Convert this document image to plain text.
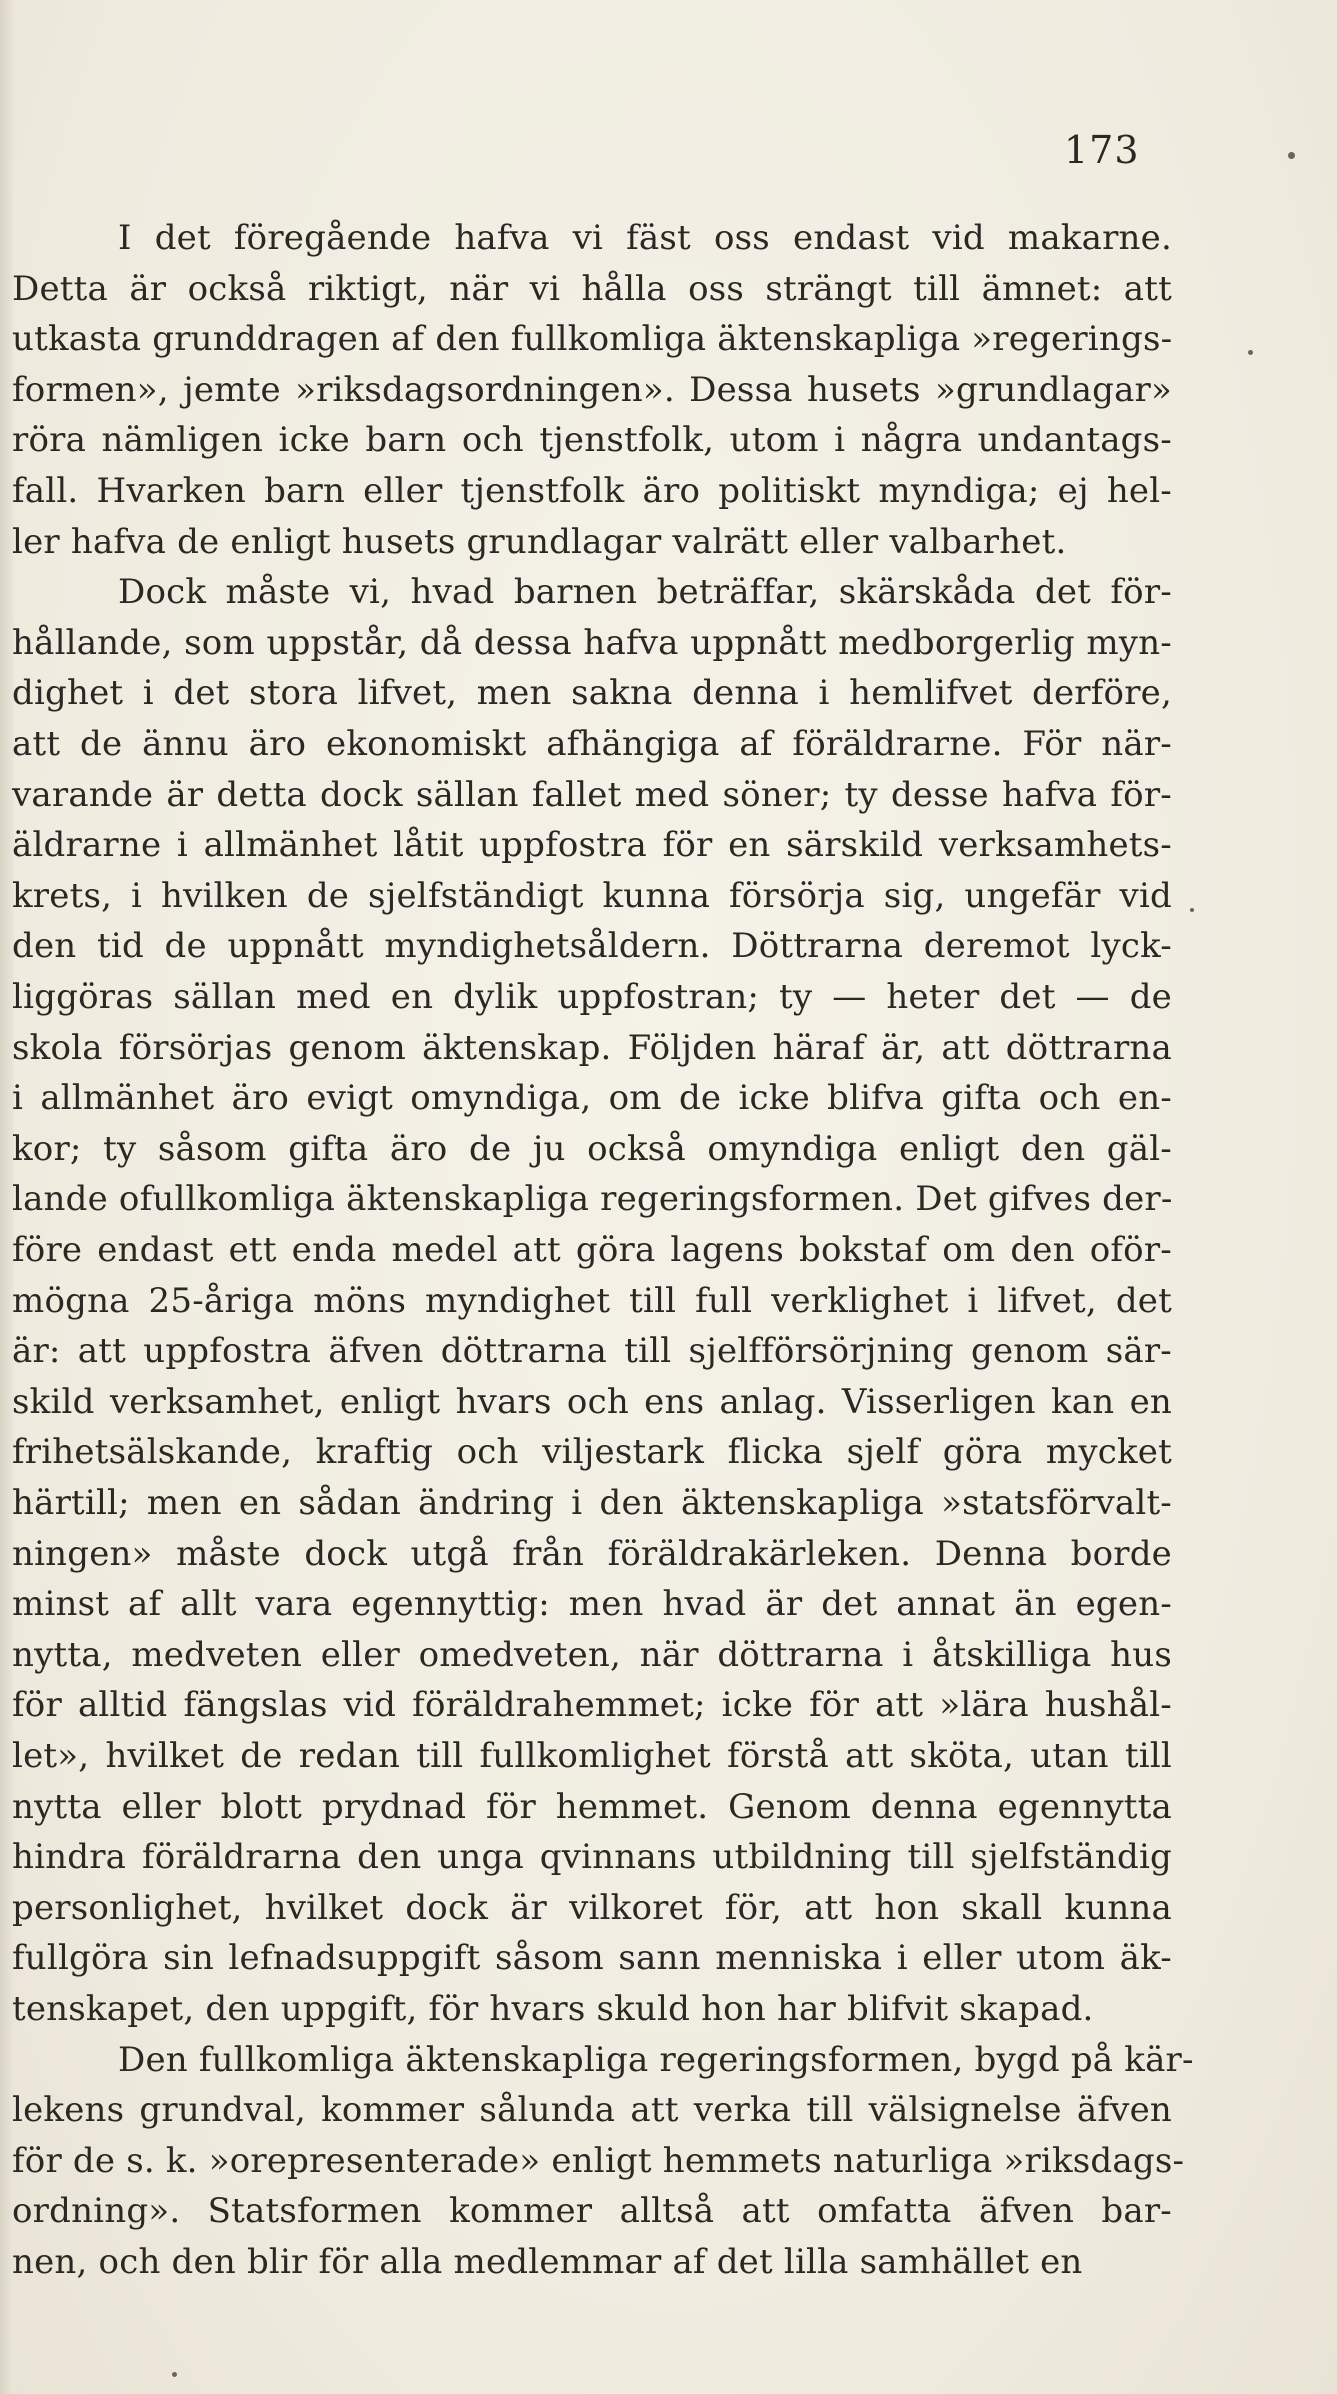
173
I det föregående hafva vi fäst oss endast vid makarne.
Detta är också riktigt, när vi hålla oss strängt till ämnet: att
utkasta grunddragen af den fullkomliga äktenskapliga »regerings-
formen», jemte »riksdagsordningen». Dessa husets »grundlagar»
röra nämligen icke barn och tjenstfolk, utom i några undantags-
fall. Hvarken barn eller tjenstfolk äro politiskt myndiga; ej hel-
ler hafva de enligt husets grundlagar valrätt eller valbarhet.
Dock måste vi, hvad barnen beträffar, skärskåda det för-
hållande, som uppstår, då dessa hafva uppnått medborgerlig myn-
dighet i det stora lifvet, men sakna denna i hemlifvet derföre,
att de ännu äro ekonomiskt afhängiga af föräldrarne. För när-
varande är detta dock sällan fallet med söner; ty desse hafva för-
äldrarne i allmänhet låtit uppfostra för en särskild verksamhets-
krets, i hvilken de sjelfständigt kunna försörja sig, ungefär vid
den tid de uppnått myndighetsåldern. Döttrarna deremot lyck-
liggöras sällan med en dylik uppfostran; ty — heter det — de
skola försörjas genom äktenskap. Följden häraf är, att döttrarna
i allmänhet äro evigt omyndiga, om de icke blifva gifta och en-
kor; ty såsom gifta äro de ju också omyndiga enligt den gäl-
lande ofullkomliga äktenskapliga regeringsformen. Det gifves der-
före endast ett enda medel att göra lagens bokstaf om den oför-
mögna 25-åriga möns myndighet till full verklighet i lifvet, det
är: att uppfostra äfven döttrarna till sjelfförsörjning genom sär-
skild verksamhet, enligt hvars och ens anlag. Visserligen kan en
frihetsälskande, kraftig och viljestark flicka sjelf göra mycket
härtill; men en sådan ändring i den äktenskapliga »statsförvalt-
ningen» måste dock utgå från föräldrakärleken. Denna borde
minst af allt vara egennyttig: men hvad är det annat än egen-
nytta, medveten eller omedveten, när döttrarna i åtskilliga hus
för alltid fängslas vid föräldrahemmet; icke för att »lära hushål-
let», hvilket de redan till fullkomlighet förstå att sköta, utan till
nytta eller blott prydnad för hemmet. Genom denna egennytta
hindra föräldrarna den unga qvinnans utbildning till sjelfständig
personlighet, hvilket dock är vilkoret för, att hon skall kunna
fullgöra sin lefnadsuppgift såsom sann menniska i eller utom äk-
tenskapet, den uppgift, för hvars skuld hon har blifvit skapad.
Den fullkomliga äktenskapliga regeringsformen, bygd på kär-
lekens grundval, kommer sålunda att verka till välsignelse äfven
för de s. k. »orepresenterade» enligt hemmets naturliga »riksdags-
ordning». Statsformen kommer alltså att omfatta äfven bar-
nen, och den blir för alla medlemmar af det lilla samhället en
